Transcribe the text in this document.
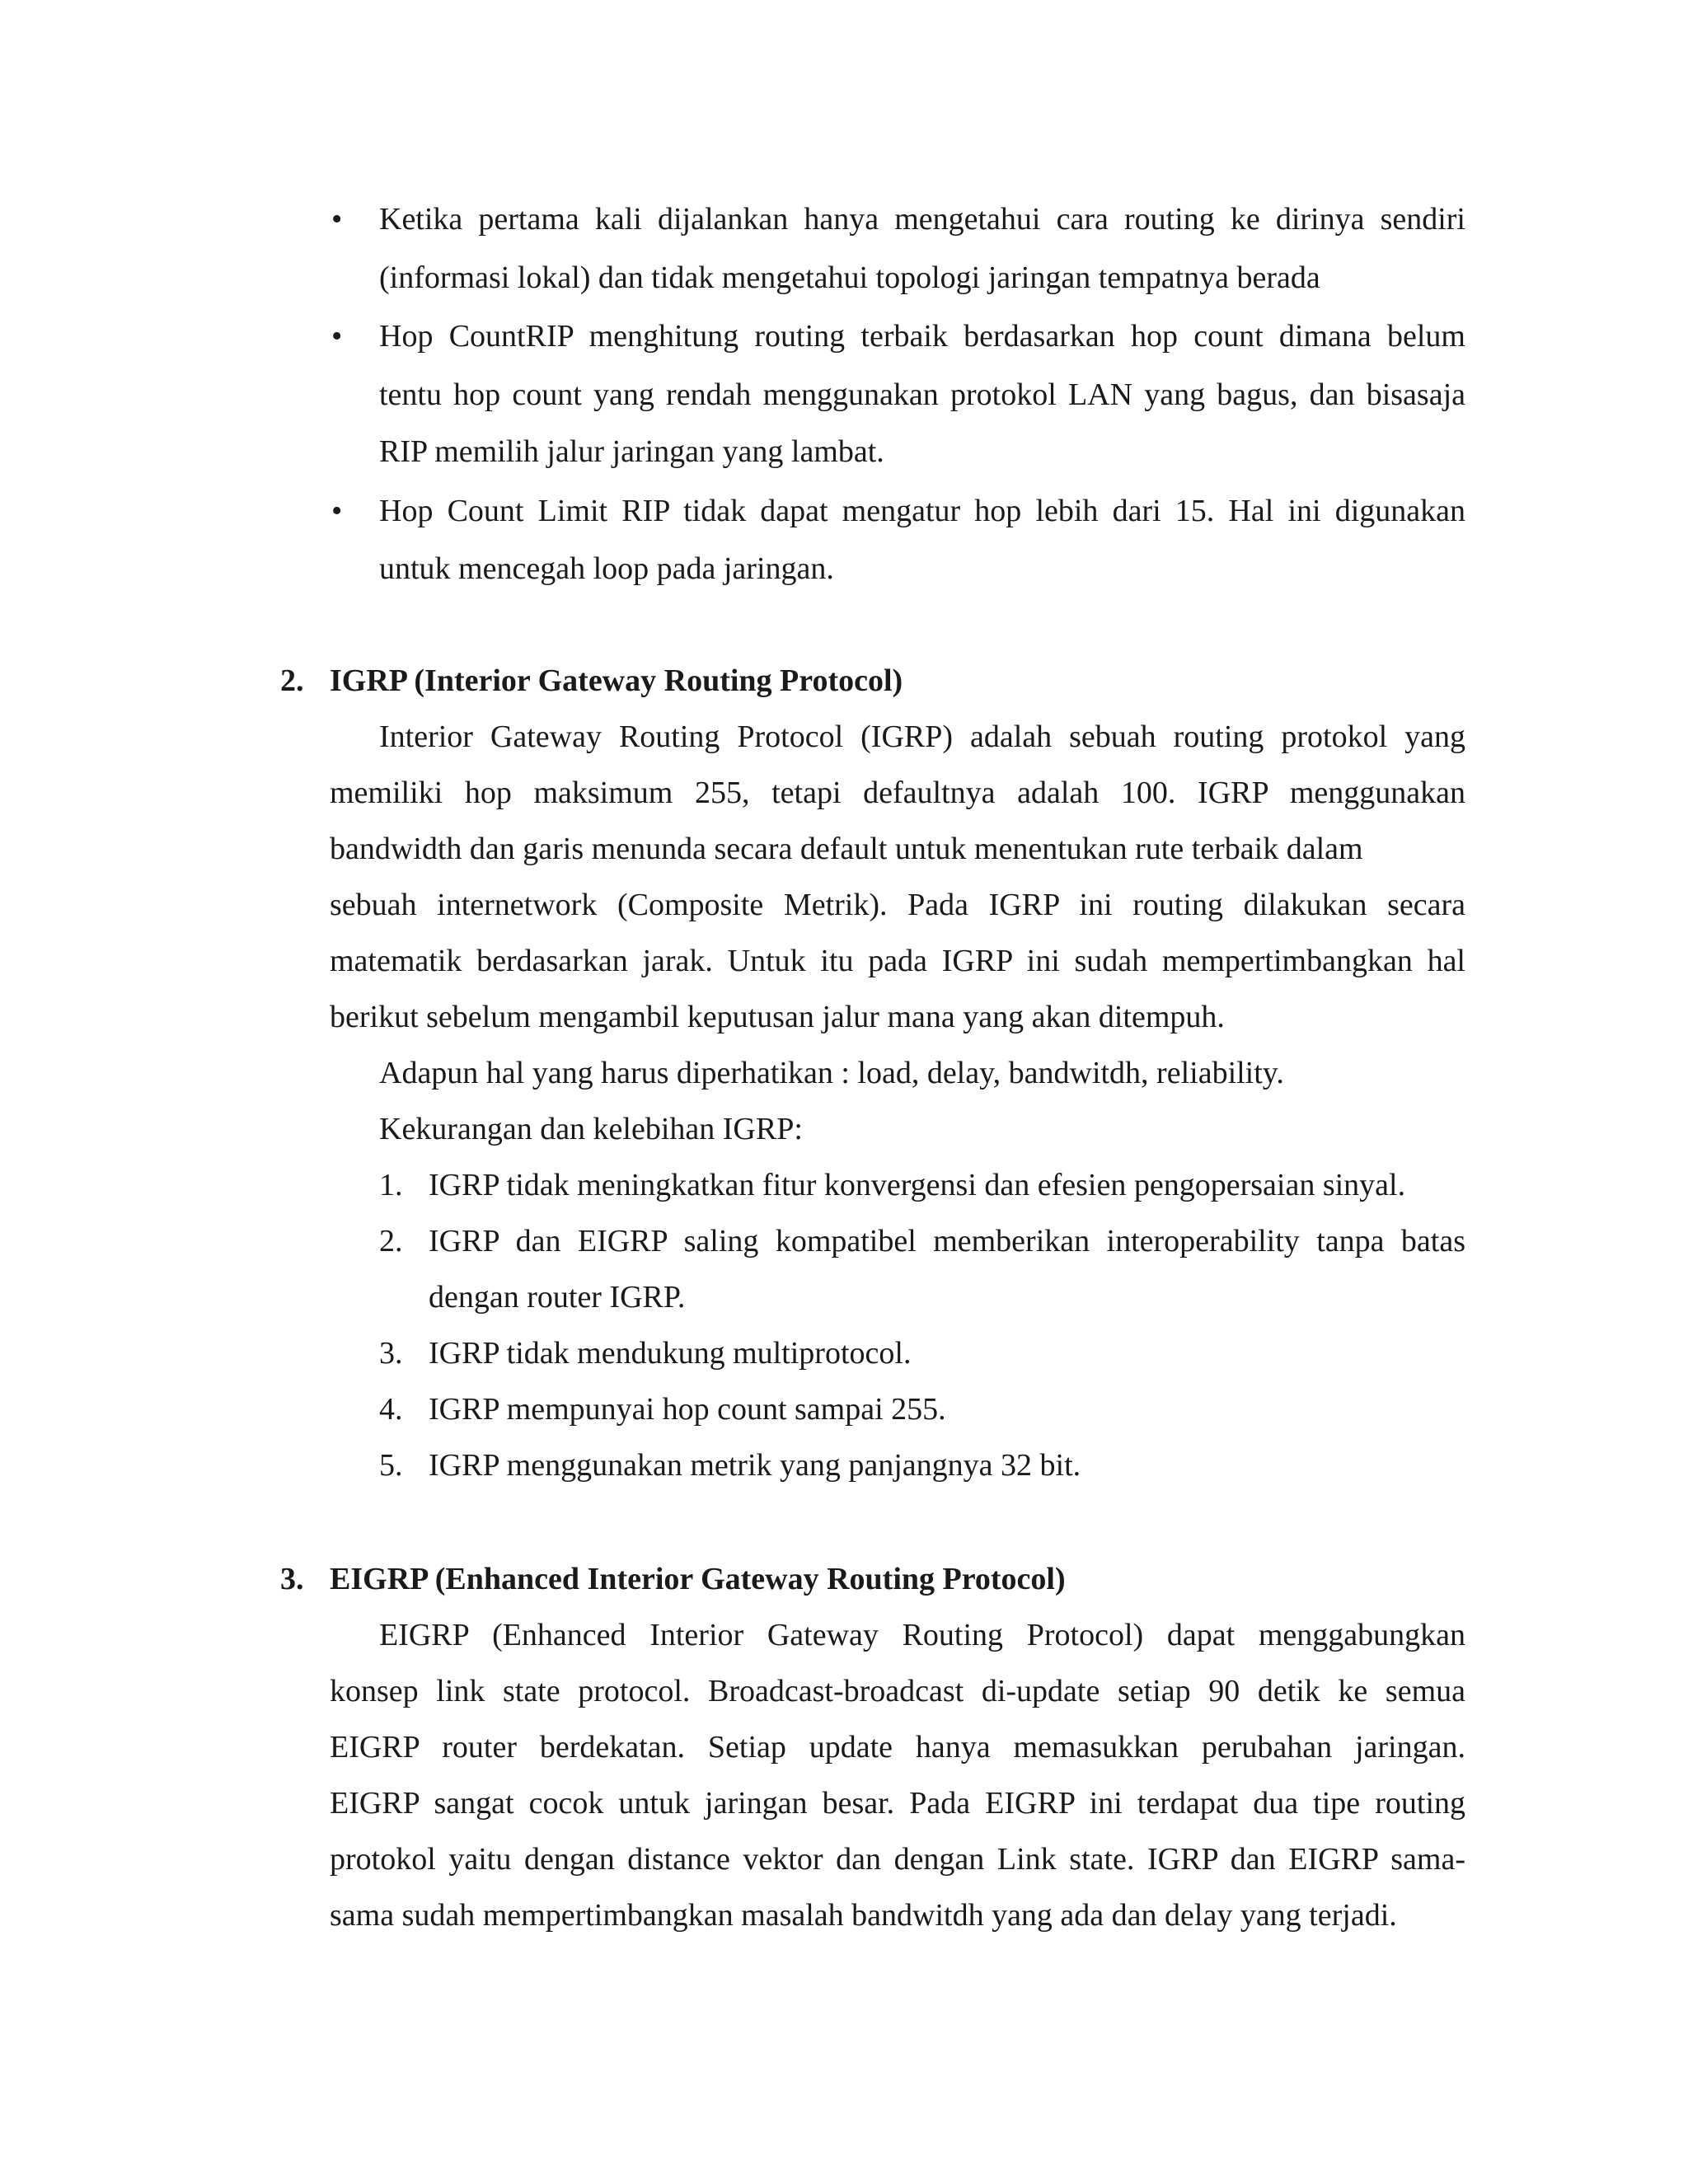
• Ketika pertama kali dijalankan hanya mengetahui cara routing ke dirinya sendiri
(informasi lokal) dan tidak mengetahui topologi jaringan tempatnya berada
• Hop CountRIP menghitung routing terbaik berdasarkan hop count dimana belum
tentu hop count yang rendah menggunakan protokol LAN yang bagus, dan bisasaja
RIP memilih jalur jaringan yang lambat.
• Hop Count Limit RIP tidak dapat mengatur hop lebih dari 15. Hal ini digunakan
untuk mencegah loop pada jaringan.
2. IGRP (Interior Gateway Routing Protocol)
Interior Gateway Routing Protocol (IGRP) adalah sebuah routing protokol yang
memiliki hop maksimum 255, tetapi defaultnya adalah 100. IGRP menggunakan
bandwidth dan garis menunda secara default untuk menentukan rute terbaik dalam
sebuah internetwork (Composite Metrik). Pada IGRP ini routing dilakukan secara
matematik berdasarkan jarak. Untuk itu pada IGRP ini sudah mempertimbangkan hal
berikut sebelum mengambil keputusan jalur mana yang akan ditempuh.
Adapun hal yang harus diperhatikan : load, delay, bandwitdh, reliability.
Kekurangan dan kelebihan IGRP:
1. IGRP tidak meningkatkan fitur konvergensi dan efesien pengopersaian sinyal.
2. IGRP dan EIGRP saling kompatibel memberikan interoperability tanpa batas
dengan router IGRP.
3. IGRP tidak mendukung multiprotocol.
4. IGRP mempunyai hop count sampai 255.
5. IGRP menggunakan metrik yang panjangnya 32 bit.
3. EIGRP (Enhanced Interior Gateway Routing Protocol)
EIGRP (Enhanced Interior Gateway Routing Protocol) dapat menggabungkan
konsep link state protocol. Broadcast-broadcast di-update setiap 90 detik ke semua
EIGRP router berdekatan. Setiap update hanya memasukkan perubahan jaringan.
EIGRP sangat cocok untuk jaringan besar. Pada EIGRP ini terdapat dua tipe routing
protokol yaitu dengan distance vektor dan dengan Link state. IGRP dan EIGRP sama-
sama sudah mempertimbangkan masalah bandwitdh yang ada dan delay yang terjadi.
